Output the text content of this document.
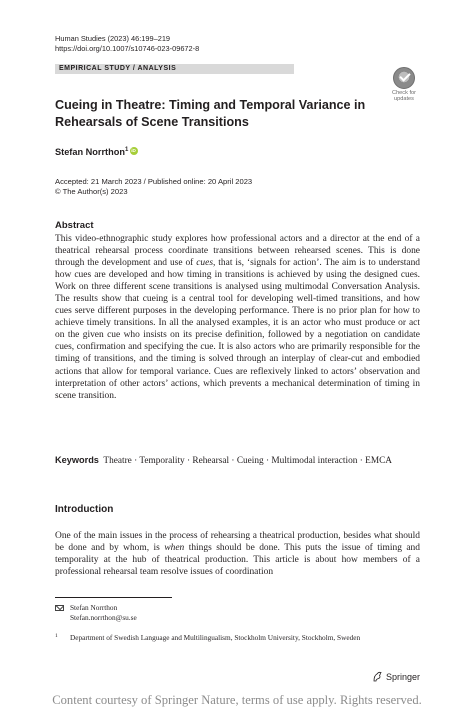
Human Studies (2023) 46:199–219
https://doi.org/10.1007/s10746-023-09672-8
EMPIRICAL STUDY / ANALYSIS
Check for
updates
Cueing in Theatre: Timing and Temporal Variance in Rehearsals of Scene Transitions
Stefan Norrthon$^1$iD
Accepted: 21 March 2023 / Published online: 20 April 2023
© The Author(s) 2023
Abstract
This video-ethnographic study explores how professional actors and a director at the end of a theatrical rehearsal process coordinate transitions between rehearsed scenes. This is done through the development and use of cues, that is, ‘signals for action’. The aim is to understand how cues are developed and how timing in transitions is achieved by using the designed cues. Work on three different scene transitions is analysed using multimodal Conversation Analysis. The results show that cueing is a central tool for developing well-timed transitions, and how cues serve different purposes in the developing performance. There is no prior plan for how to achieve timely transitions. In all the analysed examples, it is an actor who must produce or act on the given cue who insists on its precise definition, followed by a negotiation on candidate cues, confirmation and specifying the cue. It is also actors who are primarily responsible for the timing of transitions, and the timing is solved through an interplay of clear-cut and embodied actions that allow for temporal variance. Cues are reflexively linked to actors’ observation and interpretation of other actors’ actions, which prevents a mechanical determination of timing in scene transition.
Keywords Theatre · Temporality · Rehearsal · Cueing · Multimodal interaction · EMCA
Introduction
One of the main issues in the process of rehearsing a theatrical production, besides what should be done and by whom, is when things should be done. This puts the issue of timing and temporality at the hub of theatrical production. This article is about how members of a professional rehearsal team resolve issues of coordination
Stefan Norrthon
Stefan.norrthon@su.se
1 Department of Swedish Language and Multilingualism, Stockholm University, Stockholm, Sweden
Springer
Content courtesy of Springer Nature, terms of use apply. Rights reserved.
